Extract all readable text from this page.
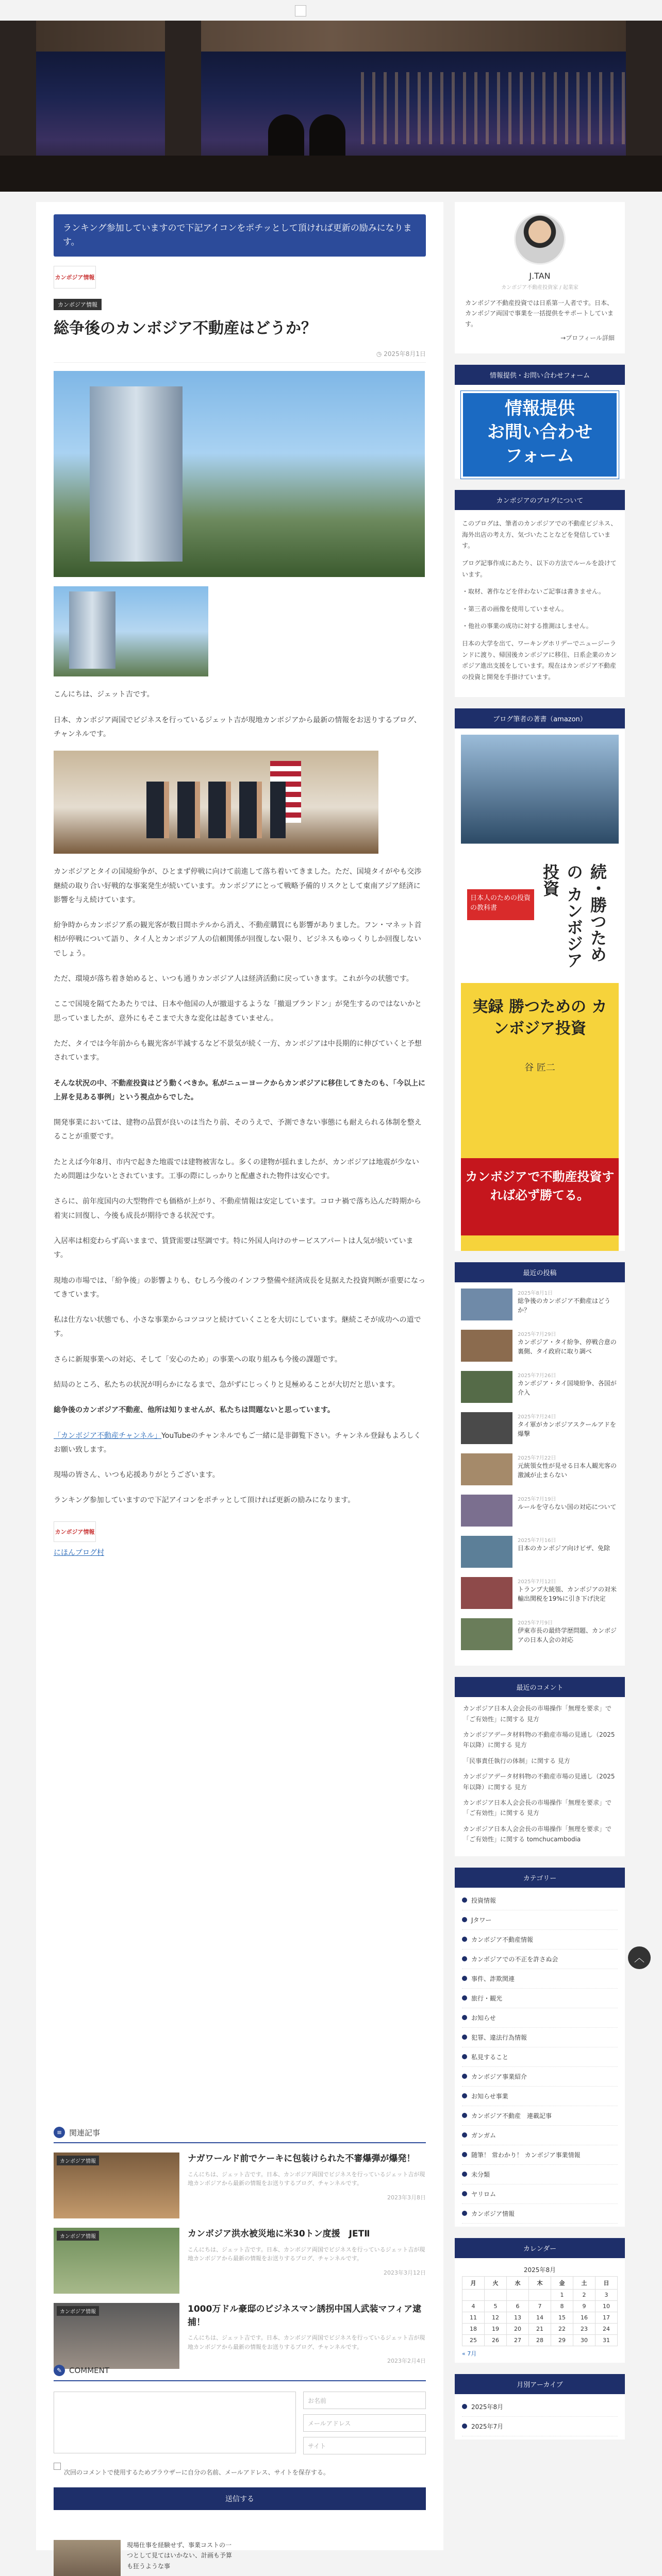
ランキング参加していますので下記アイコンをポチッとして頂ければ更新の励みになります。
カンボジア情報
カンボジア情報
総争後のカンボジア不動産はどうか？
◷ 2025年8月1日

こんにちは、ジェット吉です。

日本、カンボジア両国でビジネスを行っているジェット吉が現地カンボジアから最新の情報をお送りするブログ、チャンネルです。

カンボジアとタイの国境紛争が、ひとまず停戦に向けて前進して落ち着いてきました。ただ、国境タイがやも交渉継続の取り合い好戦的な事案発生が続いています。カンボジアにとって戦略予備的リスクとして東南アジア経済に影響を与え続けています。

紛争時からカンボジア系の観光客が数日間ホテルから消え、不動産購買にも影響がありました。フン・マネット首相が停戦について語り、タイ人とカンボジア人の信頼関係が回復しない限り、ビジネスもゆっくりしか回復しないでしょう。

ただ、環境が落ち着き始めると、いつも通りカンボジア人は経済活動に戻っていきます。これが今の状態です。

ここで国境を隔てたあたりでは、日本や他国の人が撤退するような「撤退ブランドン」が発生するのではないかと思っていましたが、意外にもそこまで大きな変化は起きていません。

ただ、タイでは今年前からも観光客が半減するなど不景気が続く一方、カンボジアは中長期的に伸びていくと予想されています。

そんな状況の中、不動産投資はどう動くべきか。私がニューヨークからカンボジアに移住してきたのも、「今以上に上昇を見ある事例」という視点からでした。

開発事業においては、建物の品質が良いのは当たり前、そのうえで、予測できない事態にも耐えられる体制を整えることが重要です。

たとえば今年8月、市内で起きた地震では建物被害なし。多くの建物が揺れましたが、カンボジアは地震が少ないため問題は少ないとされています。工事の際にしっかりと配慮された物件は安心です。

さらに、前年度国内の大型物件でも価格が上がり、不動産情報は安定しています。コロナ禍で落ち込んだ時期から着実に回復し、今後も成長が期待できる状況です。

入居率は相変わらず高いままで、賃貸需要は堅調です。特に外国人向けのサービスアパートは人気が続いています。

現地の市場では、「紛争後」の影響よりも、むしろ今後のインフラ整備や経済成長を見据えた投資判断が重要になってきています。

私は仕方ない状態でも、小さな事業からコツコツと続けていくことを大切にしています。継続こそが成功への道です。

さらに新規事業への対応、そして「安心のため」の事業への取り組みも今後の課題です。

結局のところ、私たちの状況が明らかになるまで、急がずにじっくりと見極めることが大切だと思います。

総争後のカンボジア不動産、他所は知りませんが、私たちは問題ないと思っています。

「カンボジア不動産チャンネル」YouTubeのチャンネルでもご一緒に是非御覧下さい。チャンネル登録もよろしくお願い致します。

現場の皆さん、いつも応援ありがとうございます。

ランキング参加していますので下記アイコンをポチッとして頂ければ更新の励みになります。

カンボジア情報
にほんブログ村
≡ 関連記事
カンボジア情報	ナガワールド前でケーキに包装けられた不審爆弾が爆発！
こんにちは、ジェット吉です。日本、カンボジア両国でビジネスを行っているジェット吉が現地カンボジアから最新の情報をお送りするブログ、チャンネルです。
2023年3月8日
カンボジア情報	カンボジア洪水被災地に米30トン度援　JETⅡ
こんにちは、ジェット吉です。日本、カンボジア両国でビジネスを行っているジェット吉が現地カンボジアから最新の情報をお送りするブログ、チャンネルです。
2023年3月12日
カンボジア情報	1000万ドル豪邸のビジネスマン誘拐中国人武装マフィア逮捕！
こんにちは、ジェット吉です。日本、カンボジア両国でビジネスを行っているジェット吉が現地カンボジアから最新の情報をお送りするブログ、チャンネルです。
2023年2月4日
✎ COMMENT
お名前
メールアドレス
サイト
次回のコメントで使用するためブラウザーに自分の名前、メールアドレス、サイトを保存する。
送信する
現場仕事を経験せず、事業コストの一つとして見てはいかない、計画も予算も狂うような事
J.TAN
カンボジア不動産投資家 / 起業家
カンボジア不動産投資では日系第一人者です。日本、カンボジア両国で事業を一括提供をサポートしています。
→プロフィール詳細
情報提供・お問い合わせフォーム
情報提供
お問い合わせ
フォーム
カンボジアのブログについて

このブログは、筆者のカンボジアでの不動産ビジネス、海外出店の考え方、気づいたことなどを発信しています。

ブログ記事作成にあたり、以下の方法でルールを設けています。

・取材、著作などを伴わないご記事は書きません。

・第三者の画像を使用していません。

・他社の事業の成功に対する推測はしません。

日本の大学を出て、ワーキングホリデーでニュージーランドに渡り、帰国後カンボジアに移住、日系企業のカンボジア進出支援をしています。現在はカンボジア不動産の投資と開発を手掛けています。

ブログ筆者の著書（amazon）
続・勝つための カンボジア投資
日本人のための投資の教科書
実録 勝つための カンボジア投資
谷 匠二
カンボジアで不動産投資すれば必ず勝てる。
最近の投稿
2025年8月1日
総争後のカンボジア不動産はどうか？
2025年7月29日
カンボジア・タイ紛争、停戦合意の裏側、タイ政府に取り調べ
2025年7月26日
カンボジア・タイ国境紛争、各国が介入
2025年7月24日
タイ軍がカンボジアスクールアドを爆撃
2025年7月22日
元統領女性が見せる日本人観光客の激減が止まらない
2025年7月19日
ルールを守らない国の対応について
2025年7月16日
日本のカンボジア向けビザ、免除
2025年7月12日
トランプ大統領、カンボジアの対米輸出関税を19%に引き下げ決定
2025年7月9日
伊東市長の最終学歴問題、カンボジアの日本人会の対応
最近のコメント
カンボジア日本人会会長の市場操作「無理を要求」で「ご有効性」に関する 見方
カンボジアデータ材料物の不動産市場の見通し（2025年以降）に関する 見方
「民事責任執行の体制」に関する 見方
カンボジアデータ材料物の不動産市場の見通し（2025年以降）に関する 見方
カンボジア日本人会会長の市場操作「無理を要求」で「ご有効性」に関する 見方
カンボジア日本人会会長の市場操作「無理を要求」で「ご有効性」に関する tomchucambodia
カテゴリー
投資情報
Jタワー
カンボジア不動産情報
カンボジアでの不正を許さぬ会
事件、詐欺関連
旅行・観光
お知らせ
犯罪、違法行為情報
私見すること
カンボジア事業紹介
お知らせ事業
カンボジア不動産　連載記事
ガンガム
随筆！ 常わかり！ カンボジア事業情報
未分類
ヤリロム
カンボジア情報
カレンダー
2025年8月
月	火	水	木	金	土	日
				1	2	3
4	5	6	7	8	9	10
11	12	13	14	15	16	17
18	19	20	21	22	23	24
25	26	27	28	29	30	31
« 7月
月別アーカイブ
2025年8月
2025年7月
︿
